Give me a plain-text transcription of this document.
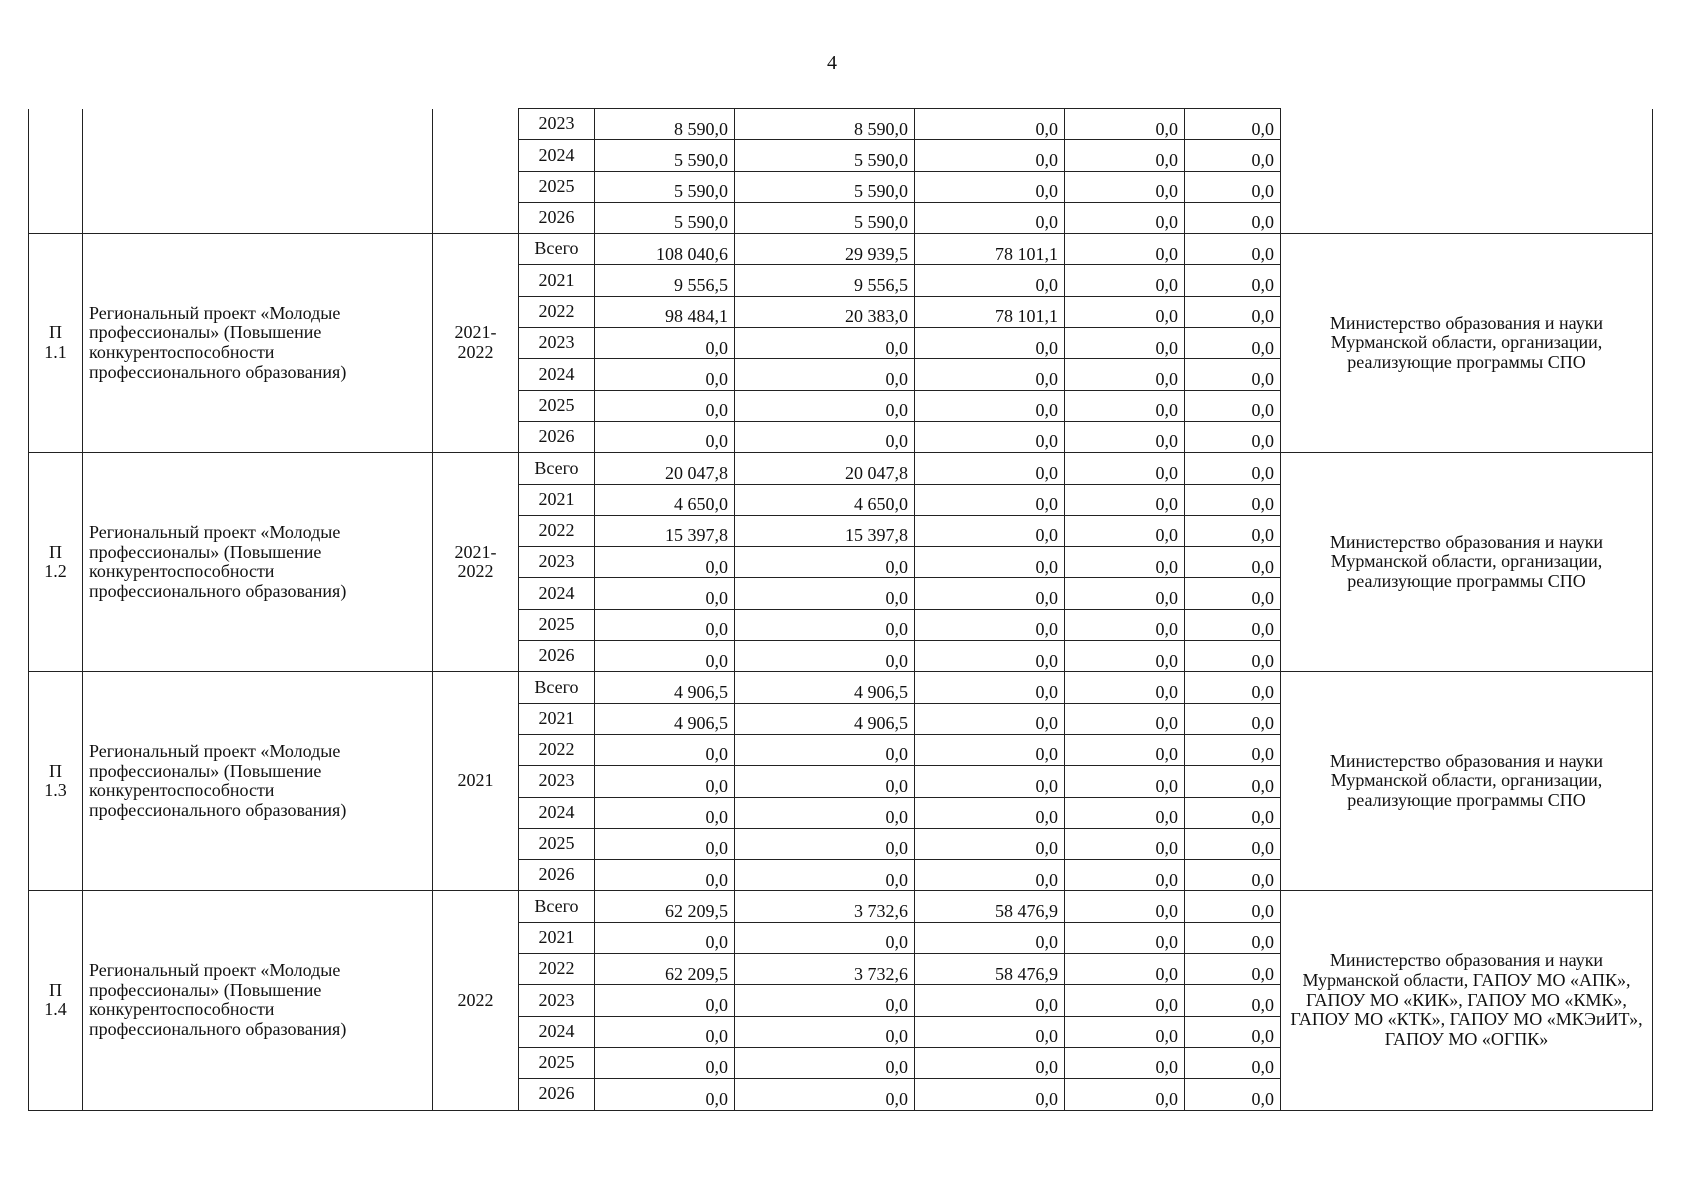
4
			2023	8 590,0	8 590,0	0,0	0,0	0,0	
			2024	5 590,0	5 590,0	0,0	0,0	0,0	
			2025	5 590,0	5 590,0	0,0	0,0	0,0	
			2026	5 590,0	5 590,0	0,0	0,0	0,0	

П
1.1	Региональный проект «Молодые профессионалы» (Повышение конкурентоспособности профессионального образования)	2021-2022	Всего	108 040,6	29 939,5	78 101,1	0,0	0,0	Министерство образования и науки Мурманской области, организации, реализующие программы СПО
			2021	9 556,5	9 556,5	0,0	0,0	0,0	
			2022	98 484,1	20 383,0	78 101,1	0,0	0,0	
			2023	0,0	0,0	0,0	0,0	0,0	
			2024	0,0	0,0	0,0	0,0	0,0	
			2025	0,0	0,0	0,0	0,0	0,0	
			2026	0,0	0,0	0,0	0,0	0,0	

П
1.2	Региональный проект «Молодые профессионалы» (Повышение конкурентоспособности профессионального образования)	2021-2022	Всего	20 047,8	20 047,8	0,0	0,0	0,0	Министерство образования и науки Мурманской области, организации, реализующие программы СПО
			2021	4 650,0	4 650,0	0,0	0,0	0,0	
			2022	15 397,8	15 397,8	0,0	0,0	0,0	
			2023	0,0	0,0	0,0	0,0	0,0	
			2024	0,0	0,0	0,0	0,0	0,0	
			2025	0,0	0,0	0,0	0,0	0,0	
			2026	0,0	0,0	0,0	0,0	0,0	

П
1.3	Региональный проект «Молодые профессионалы» (Повышение конкурентоспособности профессионального образования)	2021	Всего	4 906,5	4 906,5	0,0	0,0	0,0	Министерство образования и науки Мурманской области, организации, реализующие программы СПО
			2021	4 906,5	4 906,5	0,0	0,0	0,0	
			2022	0,0	0,0	0,0	0,0	0,0	
			2023	0,0	0,0	0,0	0,0	0,0	
			2024	0,0	0,0	0,0	0,0	0,0	
			2025	0,0	0,0	0,0	0,0	0,0	
			2026	0,0	0,0	0,0	0,0	0,0	

П
1.4	Региональный проект «Молодые профессионалы» (Повышение конкурентоспособности профессионального образования)	2022	Всего	62 209,5	3 732,6	58 476,9	0,0	0,0	Министерство образования и науки Мурманской области, ГАПОУ МО «АПК», ГАПОУ МО «КИК», ГАПОУ МО «КМК», ГАПОУ МО «КТК», ГАПОУ МО «МКЭиИТ», ГАПОУ МО «ОГПК»
			2021	0,0	0,0	0,0	0,0	0,0	
			2022	62 209,5	3 732,6	58 476,9	0,0	0,0	
			2023	0,0	0,0	0,0	0,0	0,0	
			2024	0,0	0,0	0,0	0,0	0,0	
			2025	0,0	0,0	0,0	0,0	0,0	
			2026	0,0	0,0	0,0	0,0	0,0	
